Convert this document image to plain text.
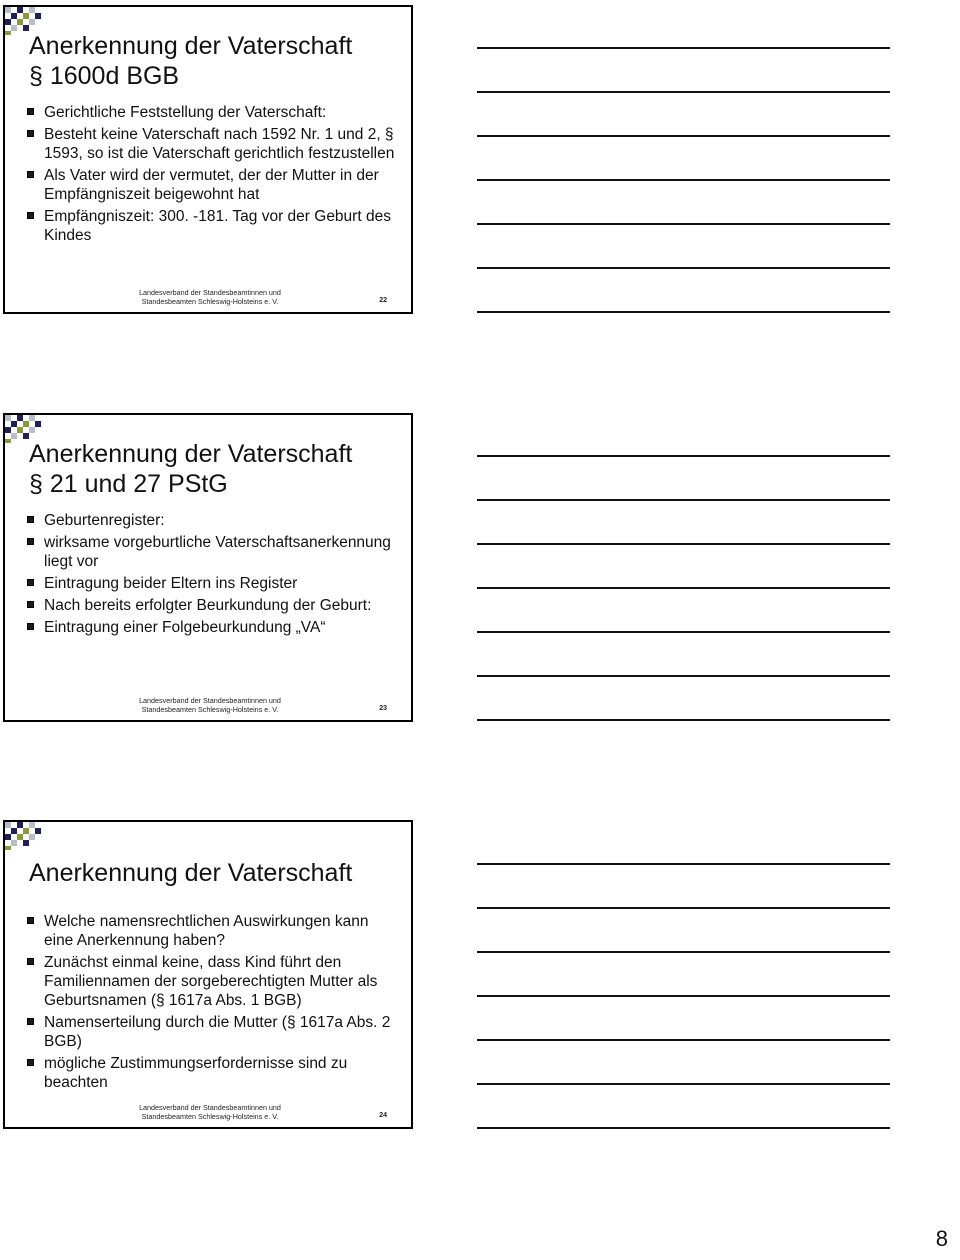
Anerkennung der Vaterschaft
§ 1600d BGB
Gerichtliche Feststellung der Vaterschaft:
Besteht keine Vaterschaft nach 1592 Nr. 1 und 2, § 1593, so ist die Vaterschaft gerichtlich festzustellen
Als Vater wird der vermutet, der der Mutter in der Empfängniszeit beigewohnt hat
Empfängniszeit: 300. -181. Tag vor der Geburt des Kindes
Landesverband der Standesbeamtinnen und Standesbeamten Schleswig-Holsteins e. V.	22
Anerkennung der Vaterschaft
§ 21 und 27 PStG
Geburtenregister:
wirksame vorgeburtliche Vaterschaftsanerkennung liegt vor
Eintragung beider Eltern ins Register
Nach bereits erfolgter Beurkundung der Geburt:
Eintragung einer Folgebeurkundung „VA“
Landesverband der Standesbeamtinnen und Standesbeamten Schleswig-Holsteins e. V.	23
Anerkennung der Vaterschaft
Welche namensrechtlichen Auswirkungen kann eine Anerkennung haben?
Zunächst einmal keine, dass Kind führt den Familiennamen der sorgeberechtigten Mutter als Geburtsnamen (§ 1617a Abs. 1 BGB)
Namenserteilung durch die Mutter (§ 1617a Abs. 2 BGB)
mögliche Zustimmungserfordernisse sind zu beachten
Landesverband der Standesbeamtinnen und Standesbeamten Schleswig-Holsteins e. V.	24
8
